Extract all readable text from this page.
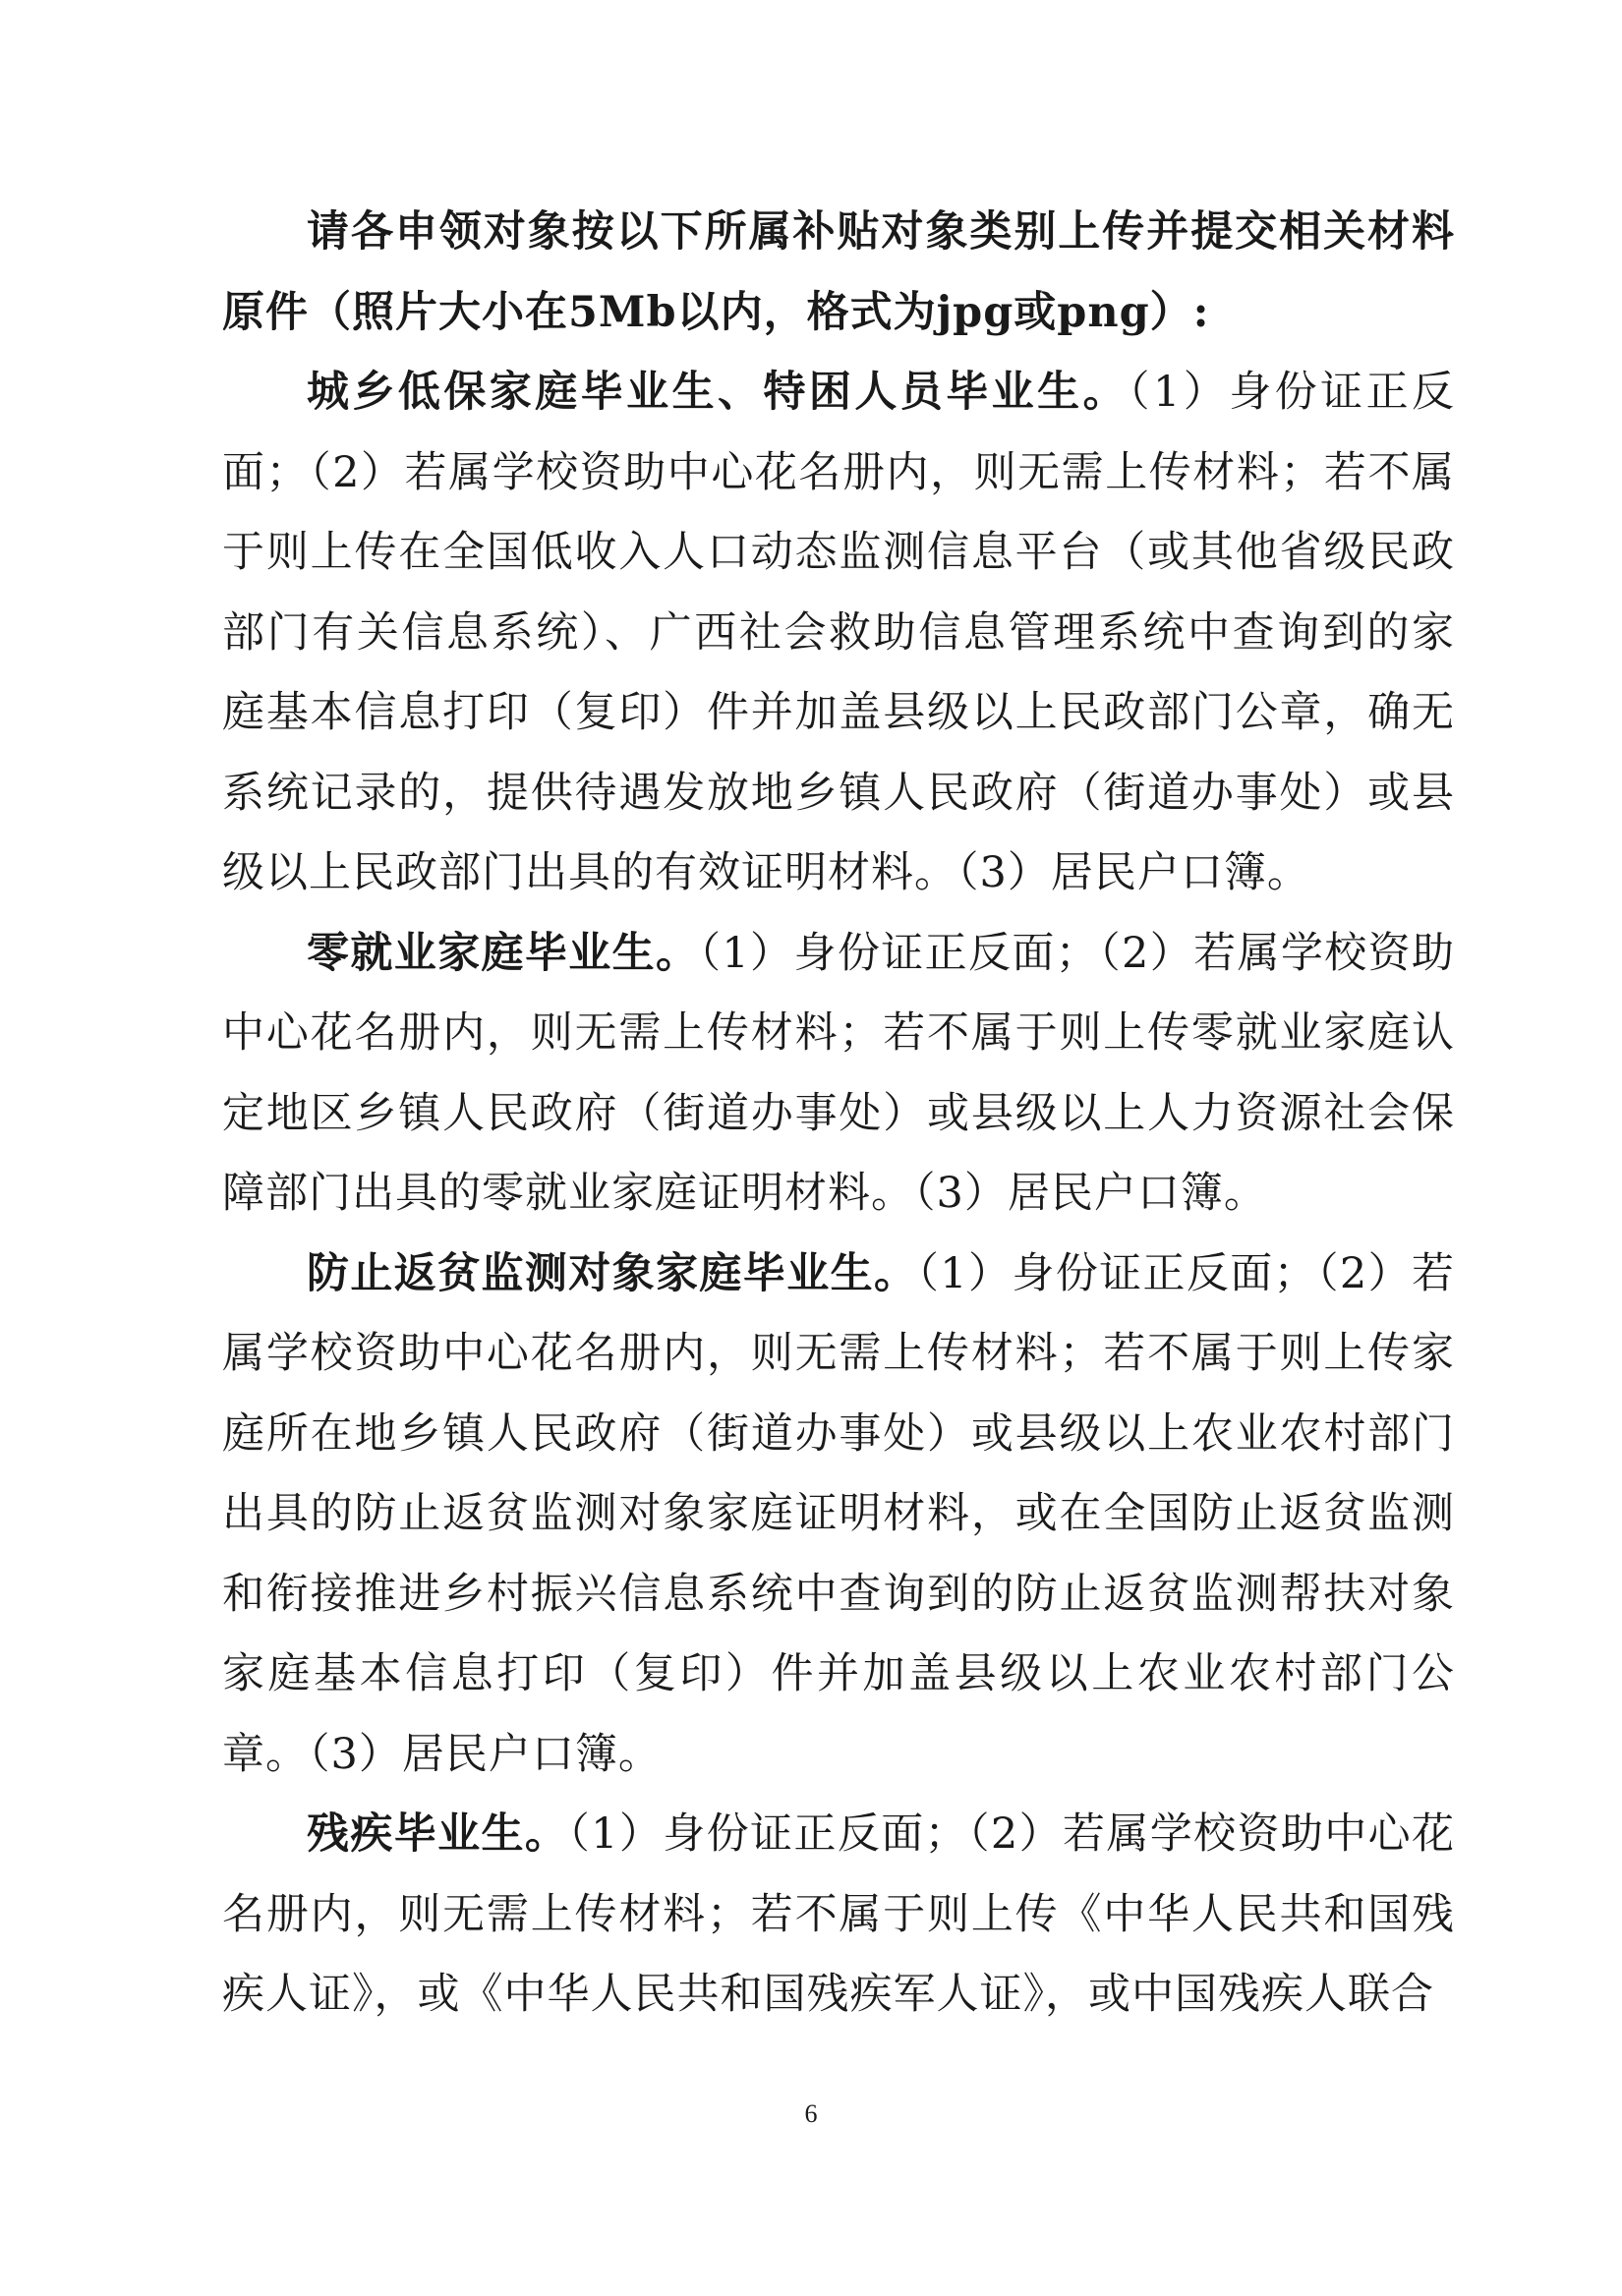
请各申领对象按以下所属补贴对象类别上传并提交相关材料原件（照片大小在5Mb以内，格式为jpg或png）:

城乡低保家庭毕业生、特困人员毕业生。（1）身份证正反面；（2）若属学校资助中心花名册内，则无需上传材料；若不属于则上传在全国低收入人口动态监测信息平台（或其他省级民政部门有关信息系统）、广西社会救助信息管理系统中查询到的家庭基本信息打印（复印）件并加盖县级以上民政部门公章，确无系统记录的，提供待遇发放地乡镇人民政府（街道办事处）或县级以上民政部门出具的有效证明材料。（3）居民户口簿。

零就业家庭毕业生。（1）身份证正反面；（2）若属学校资助中心花名册内，则无需上传材料；若不属于则上传零就业家庭认定地区乡镇人民政府（街道办事处）或县级以上人力资源社会保障部门出具的零就业家庭证明材料。（3）居民户口簿。

防止返贫监测对象家庭毕业生。（1）身份证正反面；（2）若属学校资助中心花名册内，则无需上传材料；若不属于则上传家庭所在地乡镇人民政府（街道办事处）或县级以上农业农村部门出具的防止返贫监测对象家庭证明材料，或在全国防止返贫监测和衔接推进乡村振兴信息系统中查询到的防止返贫监测帮扶对象家庭基本信息打印（复印）件并加盖县级以上农业农村部门公章。（3）居民户口簿。

残疾毕业生。（1）身份证正反面；（2）若属学校资助中心花名册内，则无需上传材料；若不属于则上传《中华人民共和国残疾人证》，或《中华人民共和国残疾军人证》，或中国残疾人联合

6
